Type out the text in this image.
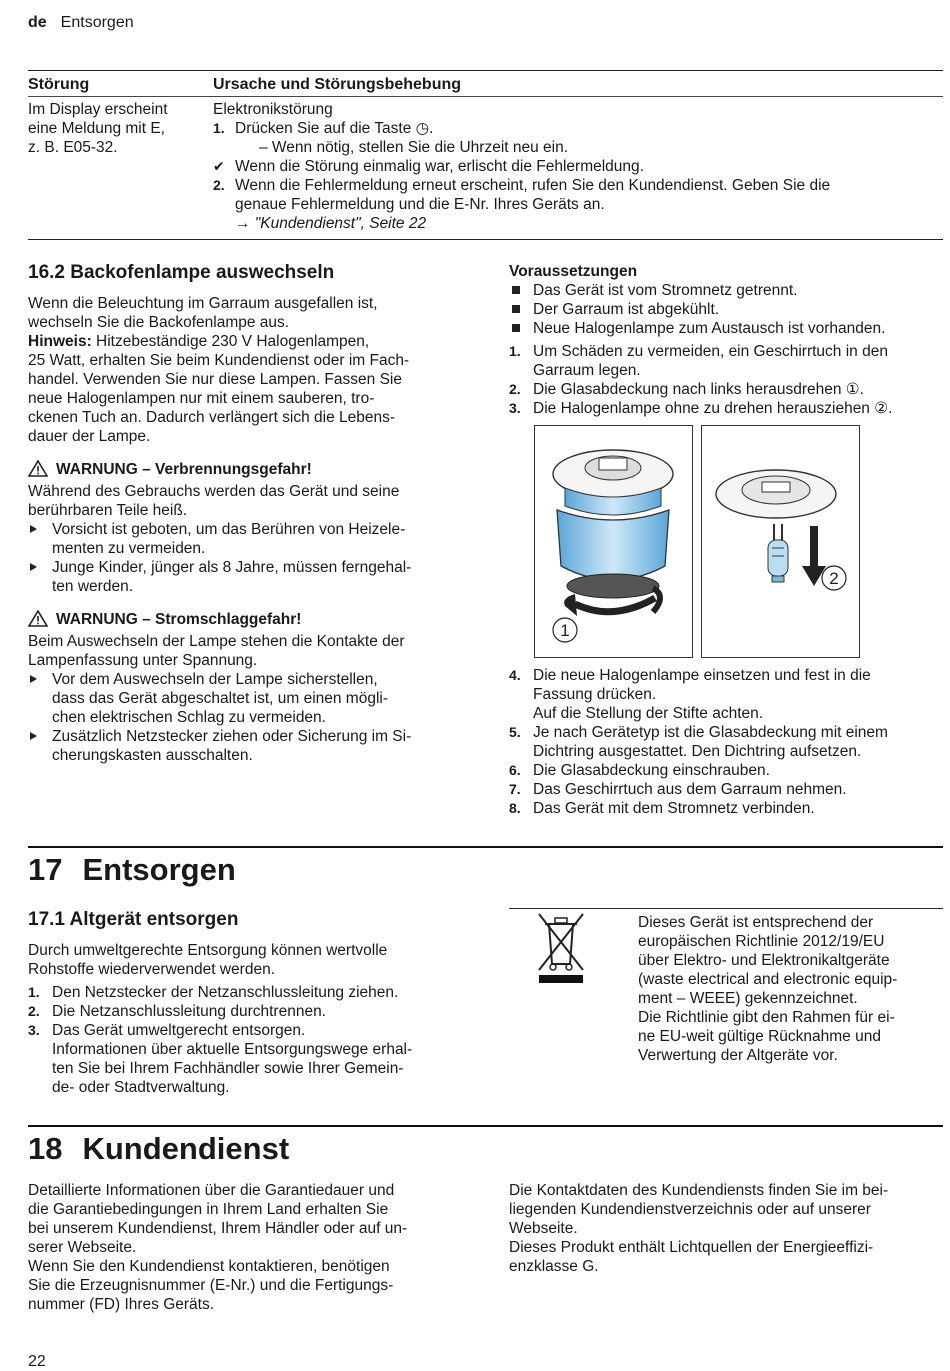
de Entsorgen
Störung	Ursache und Störungsbehebung
Im Display erscheint
eine Meldung mit E,
z. B. E05-32.
Elektronikstörung
1. Drücken Sie auf die Taste ◷.
– Wenn nötig, stellen Sie die Uhrzeit neu ein.
✔ Wenn die Störung einmalig war, erlischt die Fehlermeldung.
2. Wenn die Fehlermeldung erneut erscheint, rufen Sie den Kundendienst. Geben Sie die
genaue Fehlermeldung und die E-Nr. Ihres Geräts an.
→ "Kundendienst", Seite 22
16.2 Backofenlampe auswechseln

Wenn die Beleuchtung im Garraum ausgefallen ist,

wechseln Sie die Backofenlampe aus.

Hinweis: Hitzebeständige 230 V Halogenlampen,

25 Watt, erhalten Sie beim Kundendienst oder im Fach-

handel. Verwenden Sie nur diese Lampen. Fassen Sie

neue Halogenlampen nur mit einem sauberen, tro-

ckenen Tuch an. Dadurch verlängert sich die Lebens-

dauer der Lampe.

WARNUNG – Verbrennungsgefahr!

Während des Gebrauchs werden das Gerät und seine

berührbaren Teile heiß.

Vorsicht ist geboten, um das Berühren von Heizele-
menten zu vermeiden.
Junge Kinder, jünger als 8 Jahre, müssen ferngehal-
ten werden.

WARNUNG – Stromschlaggefahr!

Beim Auswechseln der Lampe stehen die Kontakte der

Lampenfassung unter Spannung.

Vor dem Auswechseln der Lampe sicherstellen,
dass das Gerät abgeschaltet ist, um einen mögli-
chen elektrischen Schlag zu vermeiden.
Zusätzlich Netzstecker ziehen oder Sicherung im Si-
cherungskasten ausschalten.

Voraussetzungen

Das Gerät ist vom Stromnetz getrennt.
Der Garraum ist abgekühlt.
Neue Halogenlampe zum Austausch ist vorhanden.
1. Um Schäden zu vermeiden, ein Geschirrtuch in den
Garraum legen.
2. Die Glasabdeckung nach links herausdrehen ①.
3. Die Halogenlampe ohne zu drehen herausziehen ②.
1
2
4. Die neue Halogenlampe einsetzen und fest in die
Fassung drücken.
Auf die Stellung der Stifte achten.
5. Je nach Gerätetyp ist die Glasabdeckung mit einem
Dichtring ausgestattet. Den Dichtring aufsetzen.
6. Die Glasabdeckung einschrauben.
7. Das Geschirrtuch aus dem Garraum nehmen.
8. Das Gerät mit dem Stromnetz verbinden.
17 Entsorgen
17.1 Altgerät entsorgen

Durch umweltgerechte Entsorgung können wertvolle

Rohstoffe wiederverwendet werden.

1. Den Netzstecker der Netzanschlussleitung ziehen.
2. Die Netzanschlussleitung durchtrennen.
3. Das Gerät umweltgerecht entsorgen.
Informationen über aktuelle Entsorgungswege erhal-
ten Sie bei Ihrem Fachhändler sowie Ihrer Gemein-
de- oder Stadtverwaltung.

Dieses Gerät ist entsprechend der

europäischen Richtlinie 2012/19/EU

über Elektro- und Elektronikaltgeräte

(waste electrical and electronic equip-

ment – WEEE) gekennzeichnet.

Die Richtlinie gibt den Rahmen für ei-

ne EU-weit gültige Rücknahme und

Verwertung der Altgeräte vor.

18 Kundendienst

Detaillierte Informationen über die Garantiedauer und

die Garantiebedingungen in Ihrem Land erhalten Sie

bei unserem Kundendienst, Ihrem Händler oder auf un-

serer Webseite.

Wenn Sie den Kundendienst kontaktieren, benötigen

Sie die Erzeugnisnummer (E-Nr.) und die Fertigungs-

nummer (FD) Ihres Geräts.

Die Kontaktdaten des Kundendiensts finden Sie im bei-

liegenden Kundendienstverzeichnis oder auf unserer

Webseite.

Dieses Produkt enthält Lichtquellen der Energieeffizi-

enzklasse G.

22
